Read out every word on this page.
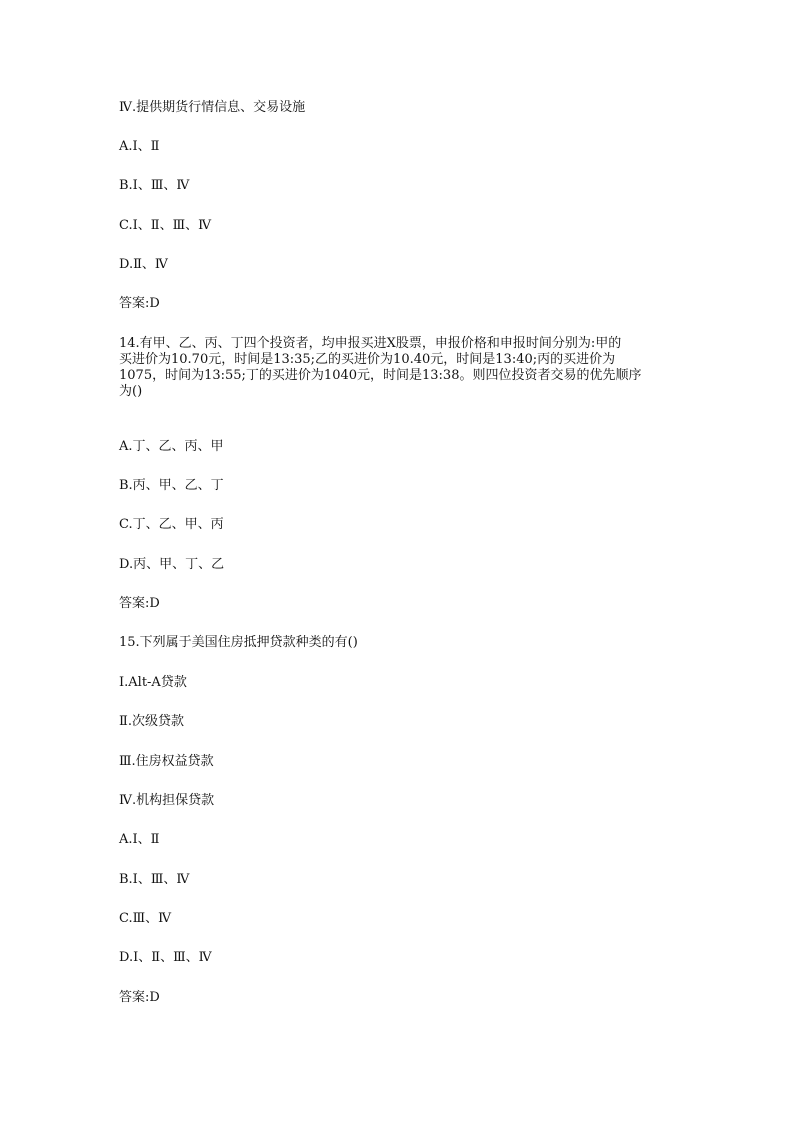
Ⅳ.提供期货行情信息、交易设施
A.Ⅰ、Ⅱ
B.Ⅰ、Ⅲ、Ⅳ
C.Ⅰ、Ⅱ、Ⅲ、Ⅳ
D.Ⅱ、Ⅳ
答案:D
14.有甲、乙、丙、丁四个投资者，均申报买进X股票，申报价格和申报时间分别为:甲的
买进价为10.70元，时间是13:35;乙的买进价为10.40元，时间是13:40;丙的买进价为
1075，时间为13:55;丁的买进价为1040元，时间是13:38。则四位投资者交易的优先顺序
为()
A.丁、乙、丙、甲
B.丙、甲、乙、丁
C.丁、乙、甲、丙
D.丙、甲、丁、乙
答案:D
15.下列属于美国住房抵押贷款种类的有()
Ⅰ.Alt-A贷款
Ⅱ.次级贷款
Ⅲ.住房权益贷款
Ⅳ.机构担保贷款
A.Ⅰ、Ⅱ
B.Ⅰ、Ⅲ、Ⅳ
C.Ⅲ、Ⅳ
D.Ⅰ、Ⅱ、Ⅲ、Ⅳ
答案:D
